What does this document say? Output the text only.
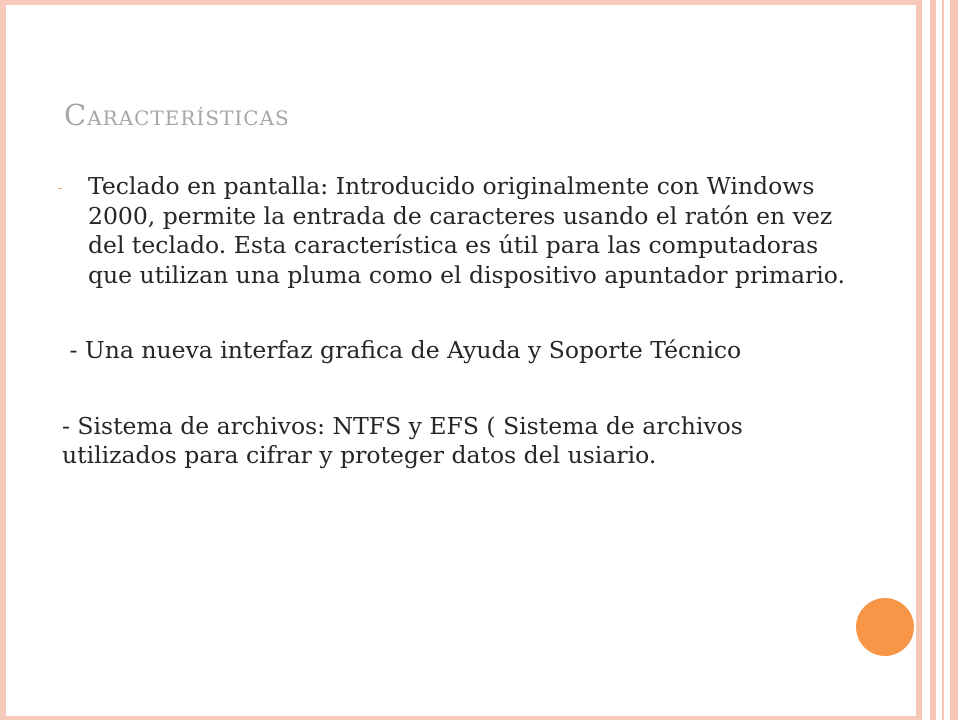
Características
- Teclado en pantalla: Introducido originalmente con Windows 2000, permite la entrada de caracteres usando el ratón en vez del teclado. Esta característica es útil para las computadoras que utilizan una pluma como el dispositivo apuntador primario.

- Una nueva interfaz grafica de Ayuda y Soporte Técnico

- Sistema de archivos: NTFS y EFS ( Sistema de archivos utilizados para cifrar y proteger datos del usiario.
